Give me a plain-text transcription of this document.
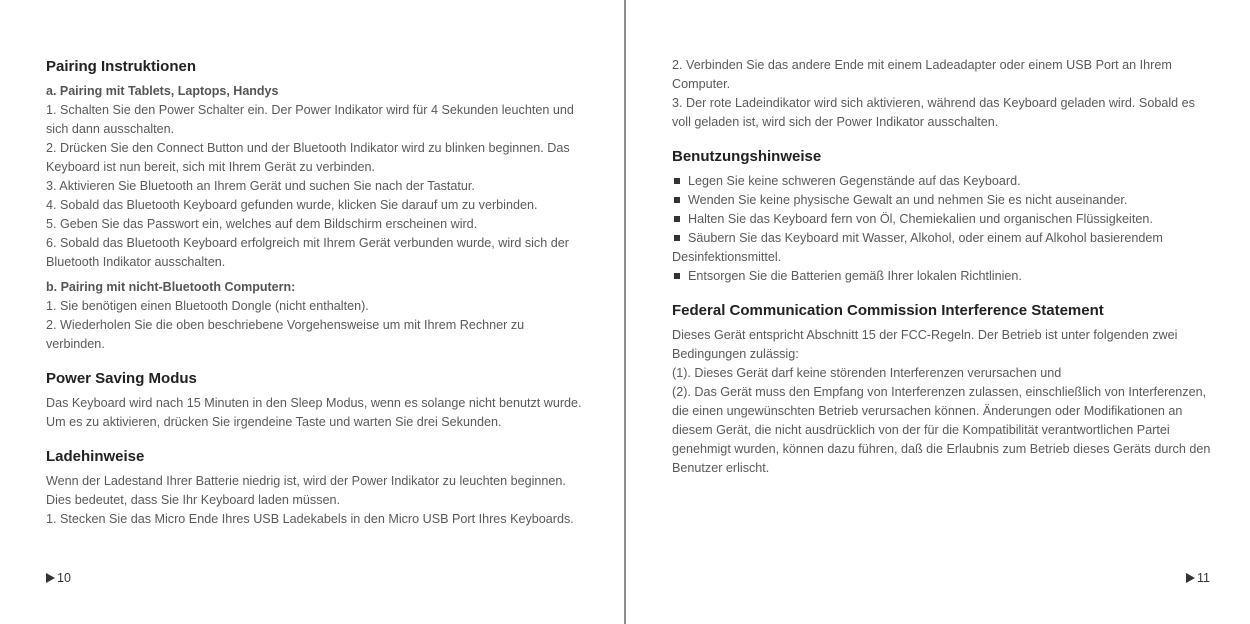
Pairing Instruktionen
a. Pairing mit Tablets, Laptops, Handys

1. Schalten Sie den Power Schalter ein. Der Power Indikator wird für 4 Sekunden leuchten und sich dann ausschalten.

2. Drücken Sie den Connect Button und der Bluetooth Indikator wird zu blinken beginnen. Das Keyboard ist nun bereit, sich mit Ihrem Gerät zu verbinden.

3. Aktivieren Sie Bluetooth an Ihrem Gerät und suchen Sie nach der Tastatur.

4. Sobald das Bluetooth Keyboard gefunden wurde, klicken Sie darauf um zu verbinden.

5. Geben Sie das Passwort ein, welches auf dem Bildschirm erscheinen wird.

6. Sobald das Bluetooth Keyboard erfolgreich mit Ihrem Gerät verbunden wurde, wird sich der Bluetooth Indikator ausschalten.

b. Pairing mit nicht-Bluetooth Computern:

1. Sie benötigen einen Bluetooth Dongle (nicht enthalten).

2. Wiederholen Sie die oben beschriebene Vorgehensweise um mit Ihrem Rechner zu verbinden.

Power Saving Modus

Das Keyboard wird nach 15 Minuten in den Sleep Modus, wenn es solange nicht benutzt wurde. Um es zu aktivieren, drücken Sie irgendeine Taste und warten Sie drei Sekunden.

Ladehinweise

Wenn der Ladestand Ihrer Batterie niedrig ist, wird der Power Indikator zu leuchten beginnen. Dies bedeutet, dass Sie Ihr Keyboard laden müssen.

1. Stecken Sie das Micro Ende Ihres USB Ladekabels in den Micro USB Port Ihres Keyboards.

10

2. Verbinden Sie das andere Ende mit einem Ladeadapter oder einem USB Port an Ihrem Computer.

3. Der rote Ladeindikator wird sich aktivieren, während das Keyboard geladen wird. Sobald es voll geladen ist, wird sich der Power Indikator ausschalten.

Benutzungshinweise
Legen Sie keine schweren Gegenstände auf das Keyboard.
Wenden Sie keine physische Gewalt an und nehmen Sie es nicht auseinander.
Halten Sie das Keyboard fern von Öl, Chemiekalien und organischen Flüssigkeiten.
Säubern Sie das Keyboard mit Wasser, Alkohol, oder einem auf Alkohol basierendem Desinfektionsmittel.
Entsorgen Sie die Batterien gemäß Ihrer lokalen Richtlinien.
Federal Communication Commission Interference Statement

Dieses Gerät entspricht Abschnitt 15 der FCC-Regeln. Der Betrieb ist unter folgenden zwei Bedingungen zulässig:

(1). Dieses Gerät darf keine störenden Interferenzen verursachen und

(2). Das Gerät muss den Empfang von Interferenzen zulassen, einschließlich von Interferenzen, die einen ungewünschten Betrieb verursachen können. Änderungen oder Modifikationen an diesem Gerät, die nicht ausdrücklich von der für die Kompatibilität verantwortlichen Partei genehmigt wurden, können dazu führen, daß die Erlaubnis zum Betrieb dieses Geräts durch den Benutzer erlischt.

11
